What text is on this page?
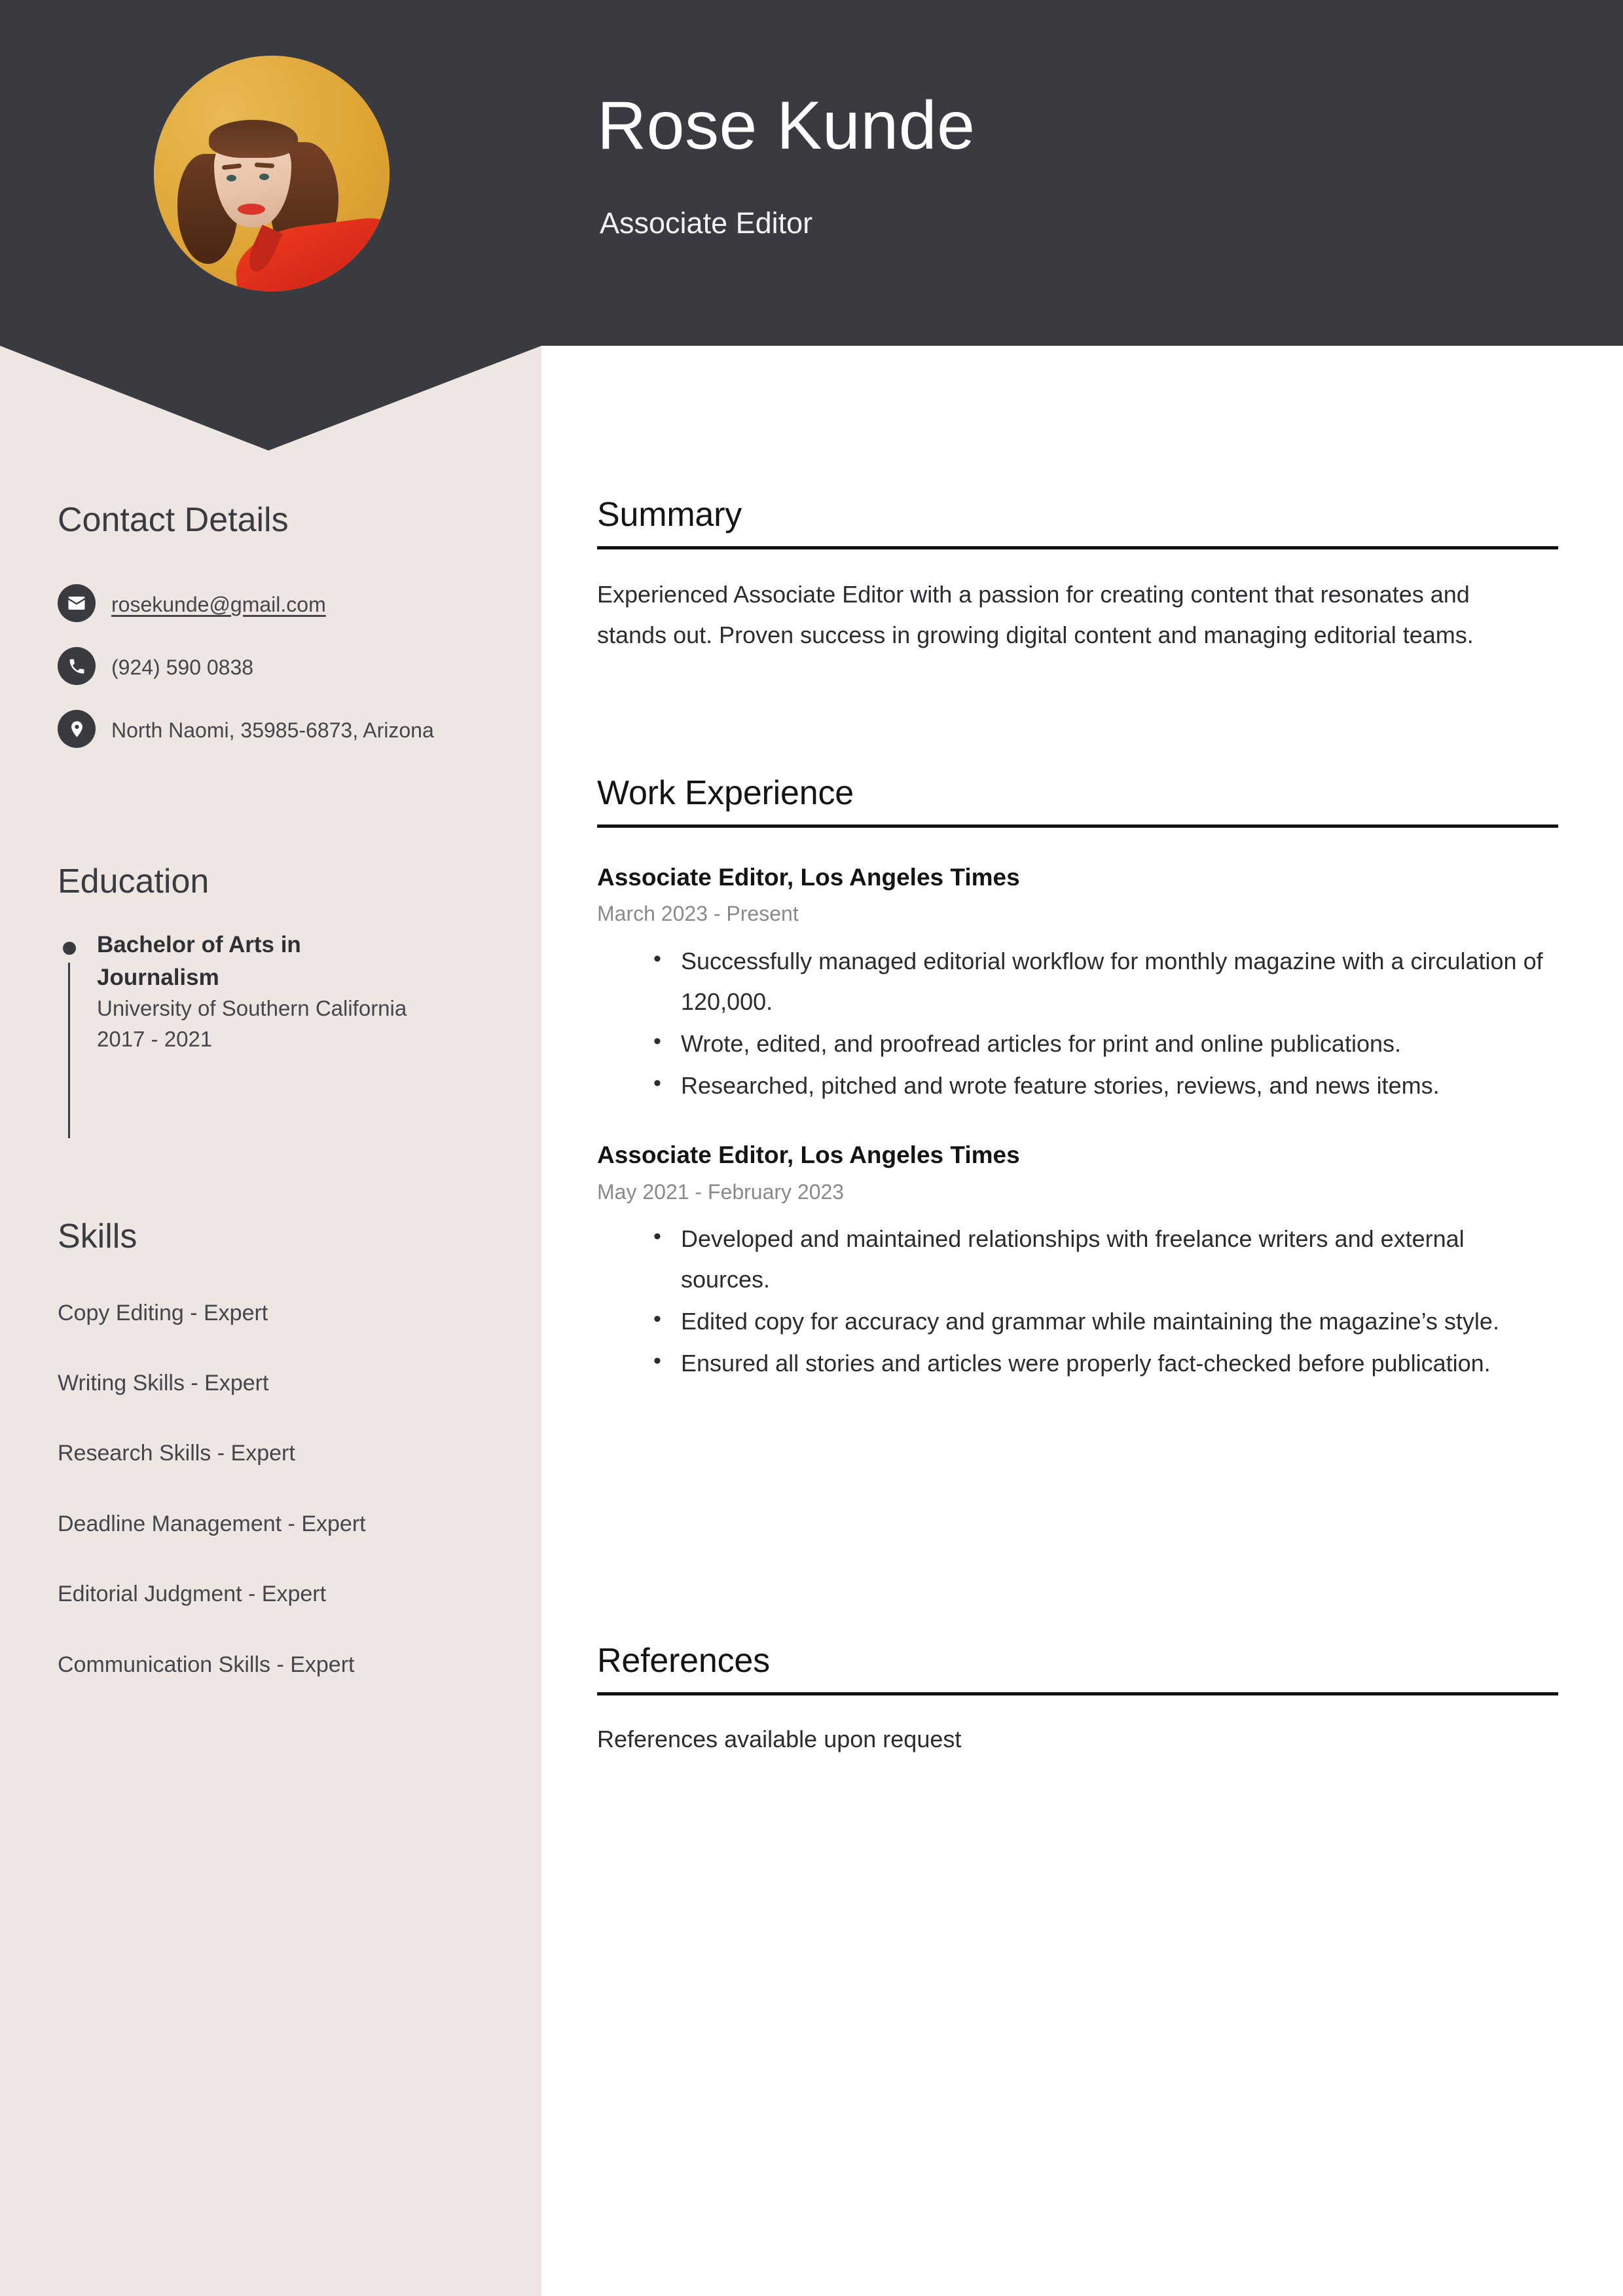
Rose Kunde
Associate Editor
Contact Details
rosekunde@gmail.com
(924) 590 0838
North Naomi, 35985-6873, Arizona
Education
Bachelor of Arts in Journalism
University of Southern California
2017 - 2021
Skills
Copy Editing - Expert
Writing Skills - Expert
Research Skills - Expert
Deadline Management - Expert
Editorial Judgment - Expert
Communication Skills - Expert
Summary

Experienced Associate Editor with a passion for creating content that resonates and stands out. Proven success in growing digital content and managing editorial teams.

Work Experience
Associate Editor, Los Angeles Times
March 2023 - Present
• Successfully managed editorial workflow for monthly magazine with a circulation of 120,000.
• Wrote, edited, and proofread articles for print and online publications.
• Researched, pitched and wrote feature stories, reviews, and news items.
Associate Editor, Los Angeles Times
May 2021 - February 2023
• Developed and maintained relationships with freelance writers and external sources.
• Edited copy for accuracy and grammar while maintaining the magazine’s style.
• Ensured all stories and articles were properly fact-checked before publication.
References

References available upon request
